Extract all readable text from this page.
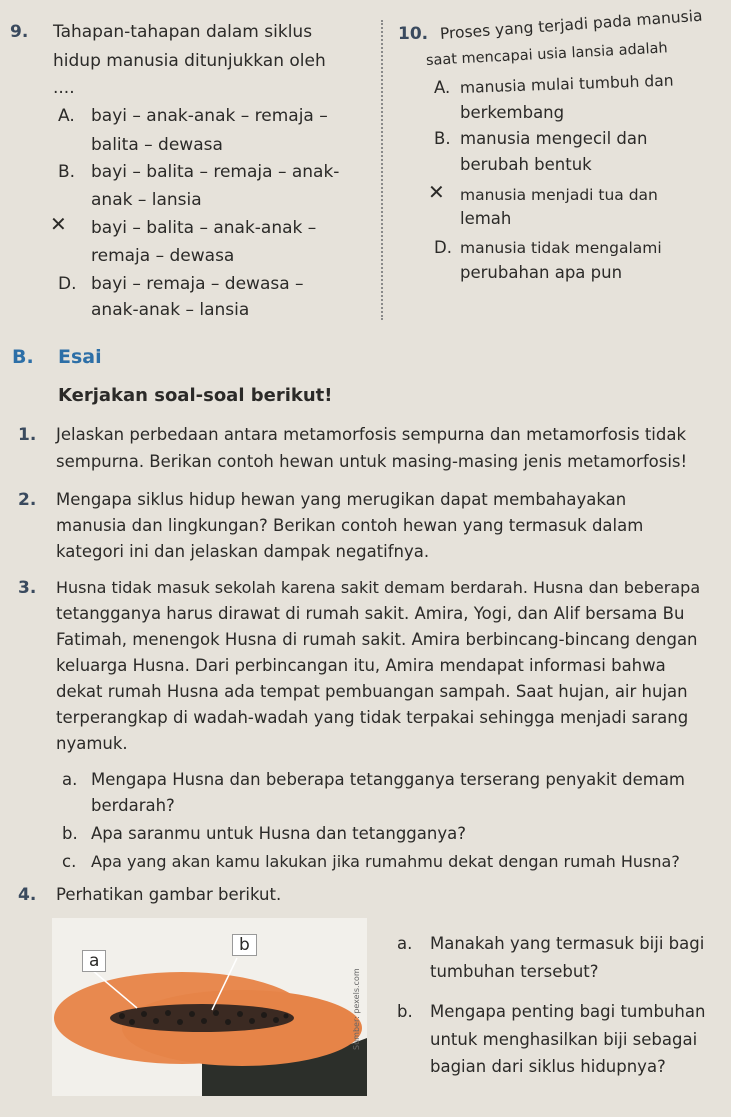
9. Tahapan-tahapan dalam siklus
hidup manusia ditunjukkan oleh
....
A. bayi – anak-anak – remaja –
balita – dewasa
B. bayi – balita – remaja – anak-
anak – lansia
✕ bayi – balita – anak-anak –
remaja – dewasa
D. bayi – remaja – dewasa –
anak-anak – lansia
10. Proses yang terjadi pada manusia
saat mencapai usia lansia adalah
A. manusia mulai tumbuh dan
berkembang
B. manusia mengecil dan
berubah bentuk
✕ manusia menjadi tua dan
lemah
D. manusia tidak mengalami
perubahan apa pun
B. Esai
Kerjakan soal-soal berikut!
1. Jelaskan perbedaan antara metamorfosis sempurna dan metamorfosis tidak
sempurna. Berikan contoh hewan untuk masing-masing jenis metamorfosis!
2. Mengapa siklus hidup hewan yang merugikan dapat membahayakan
manusia dan lingkungan? Berikan contoh hewan yang termasuk dalam
kategori ini dan jelaskan dampak negatifnya.
3. Husna tidak masuk sekolah karena sakit demam berdarah. Husna dan beberapa
tetangganya harus dirawat di rumah sakit. Amira, Yogi, dan Alif bersama Bu
Fatimah, menengok Husna di rumah sakit. Amira berbincang-bincang dengan
keluarga Husna. Dari perbincangan itu, Amira mendapat informasi bahwa
dekat rumah Husna ada tempat pembuangan sampah. Saat hujan, air hujan
terperangkap di wadah-wadah yang tidak terpakai sehingga menjadi sarang
nyamuk.
a. Mengapa Husna dan beberapa tetangganya terserang penyakit demam
berdarah?
b. Apa saranmu untuk Husna dan tetangganya?
c. Apa yang akan kamu lakukan jika rumahmu dekat dengan rumah Husna?
4. Perhatikan gambar berikut.
a. Manakah yang termasuk biji bagi
tumbuhan tersebut?
b. Mengapa penting bagi tumbuhan
untuk menghasilkan biji sebagai
bagian dari siklus hidupnya?
a
b
Sumber: pexels.com
